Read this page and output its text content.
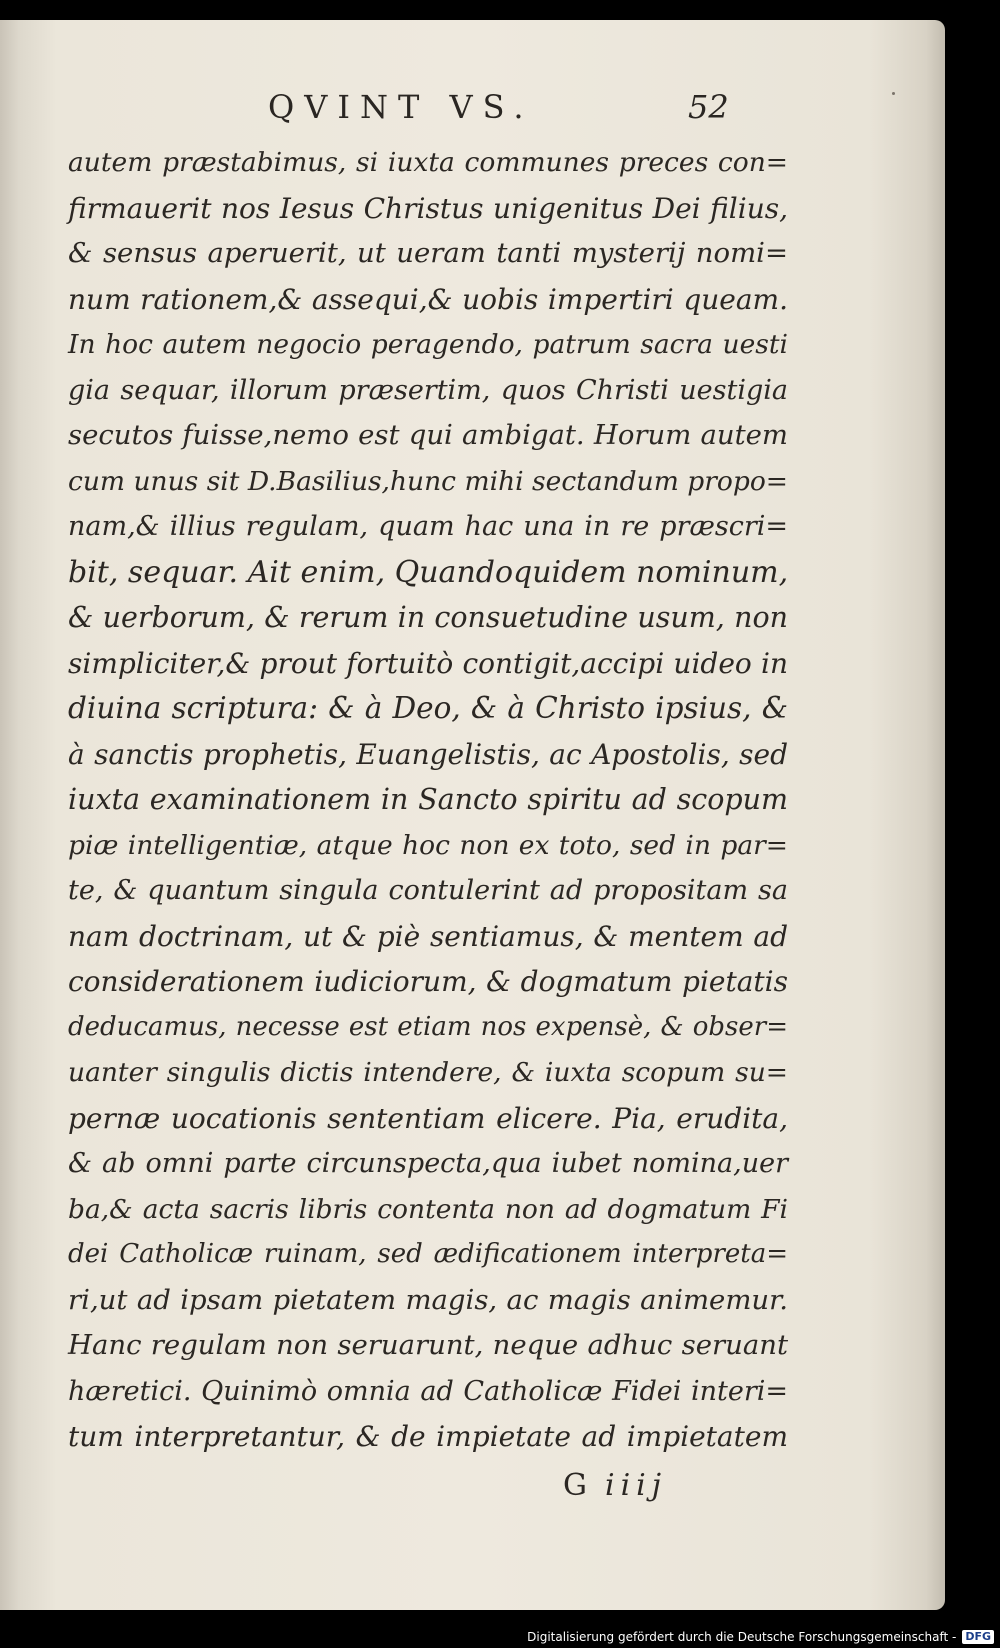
QVINT VS.	52
autem præstabimus, si iuxta communes preces con=
firmauerit nos Iesus Christus unigenitus Dei filius,
& sensus aperuerit, ut ueram tanti mysterij nomi=
num rationem,& assequi,& uobis impertiri queam.
In hoc autem negocio peragendo, patrum sacra uesti
gia sequar, illorum præsertim, quos Christi uestigia
secutos fuisse,nemo est qui ambigat. Horum autem
cum unus sit D.Basilius,hunc mihi sectandum propo=
nam,& illius regulam, quam hac una in re præscri=
bit, sequar. Ait enim, Quandoquidem nominum,
& uerborum, & rerum in consuetudine usum, non
simpliciter,& prout fortuitò contigit,accipi uideo in
diuina scriptura: & à Deo, & à Christo ipsius, &
à sanctis prophetis, Euangelistis, ac Apostolis, sed
iuxta examinationem in Sancto spiritu ad scopum
piæ intelligentiæ, atque hoc non ex toto, sed in par=
te, & quantum singula contulerint ad propositam sa
nam doctrinam, ut & piè sentiamus, & mentem ad
considerationem iudiciorum, & dogmatum pietatis
deducamus, necesse est etiam nos expensè, & obser=
uanter singulis dictis intendere, & iuxta scopum su=
pernæ uocationis sententiam elicere. Pia, erudita,
& ab omni parte circunspecta,qua iubet nomina,uer
ba,& acta sacris libris contenta non ad dogmatum Fi
dei Catholicæ ruinam, sed ædificationem interpreta=
ri,ut ad ipsam pietatem magis, ac magis animemur.
Hanc regulam non seruarunt, neque adhuc seruant
hæretici. Quinimò omnia ad Catholicæ Fidei interi=
tum interpretantur, & de impietate ad impietatem
G iiij
Digitalisierung gefördert durch die Deutsche Forschungsgemeinschaft - DFG
